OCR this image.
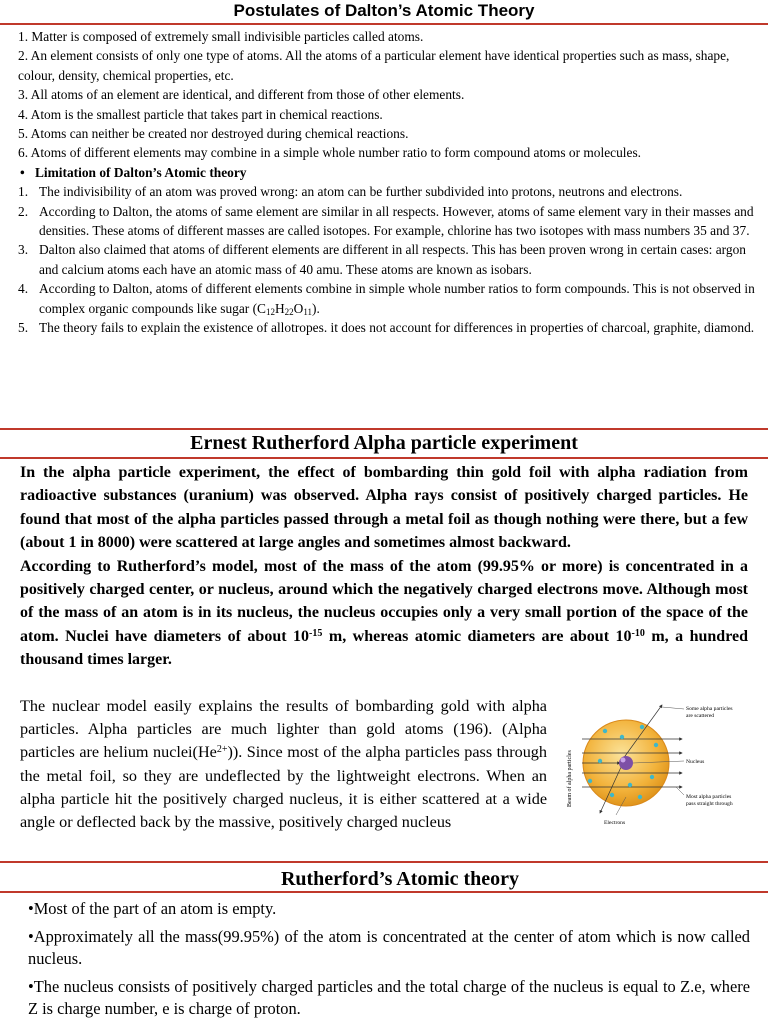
Postulates of Dalton’s Atomic Theory

1. Matter is composed of extremely small indivisible particles called atoms.

2. An element consists of only one type of atoms. All the atoms of a particular element have identical properties such as mass, shape, colour, density, chemical properties, etc.

3. All atoms of an element are identical, and different from those of other elements.

4. Atom is the smallest particle that takes part in chemical reactions.

5. Atoms can neither be created nor destroyed during chemical reactions.

6. Atoms of different elements may combine in a simple whole number ratio to form compound atoms or molecules.

• Limitation of Dalton’s Atomic theory

1. The indivisibility of an atom was proved wrong: an atom can be further subdivided into protons, neutrons and electrons.
2. According to Dalton, the atoms of same element are similar in all respects. However, atoms of same element vary in their masses and densities. These atoms of different masses are called isotopes. For example, chlorine has two isotopes with mass numbers 35 and 37.
3. Dalton also claimed that atoms of different elements are different in all respects. This has been proven wrong in certain cases: argon and calcium atoms each have an atomic mass of 40 amu. These atoms are known as isobars.
4. According to Dalton, atoms of different elements combine in simple whole number ratios to form compounds. This is not observed in complex organic compounds like sugar $(C_{12}H_{22}O_{11})$.
5. The theory fails to explain the existence of allotropes. it does not account for differences in properties of charcoal, graphite, diamond.
Ernest Rutherford Alpha particle experiment

In the alpha particle experiment, the effect of bombarding thin gold foil with alpha radiation from radioactive substances (uranium) was observed. Alpha rays consist of positively charged particles. He found that most of the alpha particles passed through a metal foil as though nothing were there, but a few (about 1 in 8000) were scattered at large angles and sometimes almost backward.

According to Rutherford’s model, most of the mass of the atom (99.95% or more) is concentrated in a positively charged center, or nucleus, around which the negatively charged electrons move. Although most of the mass of an atom is in its nucleus, the nucleus occupies only a very small portion of the space of the atom. Nuclei have diameters of about $10^{-15}$ m, whereas atomic diameters are about $10^{-10}$ m, a hundred thousand times larger.

The nuclear model easily explains the results of bombarding gold with alpha particles. Alpha particles are much lighter than gold atoms (196). (Alpha particles are helium $nuclei(He^{2+})$). Since most of the alpha particles pass through the metal foil, so they are undeflected by the lightweight electrons. When an alpha particle hit the positively charged nucleus, it is either scattered at a wide angle or deflected back by the massive, positively charged nucleus

Beam of alpha particles
Some alpha particles
are scattered
Nucleus
Most alpha particles
pass straight through
Electrons
Rutherford’s Atomic theory

•Most of the part of an atom is empty.

•Approximately all the mass(99.95%) of the atom is concentrated at the center of atom which is now called nucleus.

•The nucleus consists of positively charged particles and the total charge of the nucleus is equal to Z.e, where Z is charge number, e is charge of proton.
